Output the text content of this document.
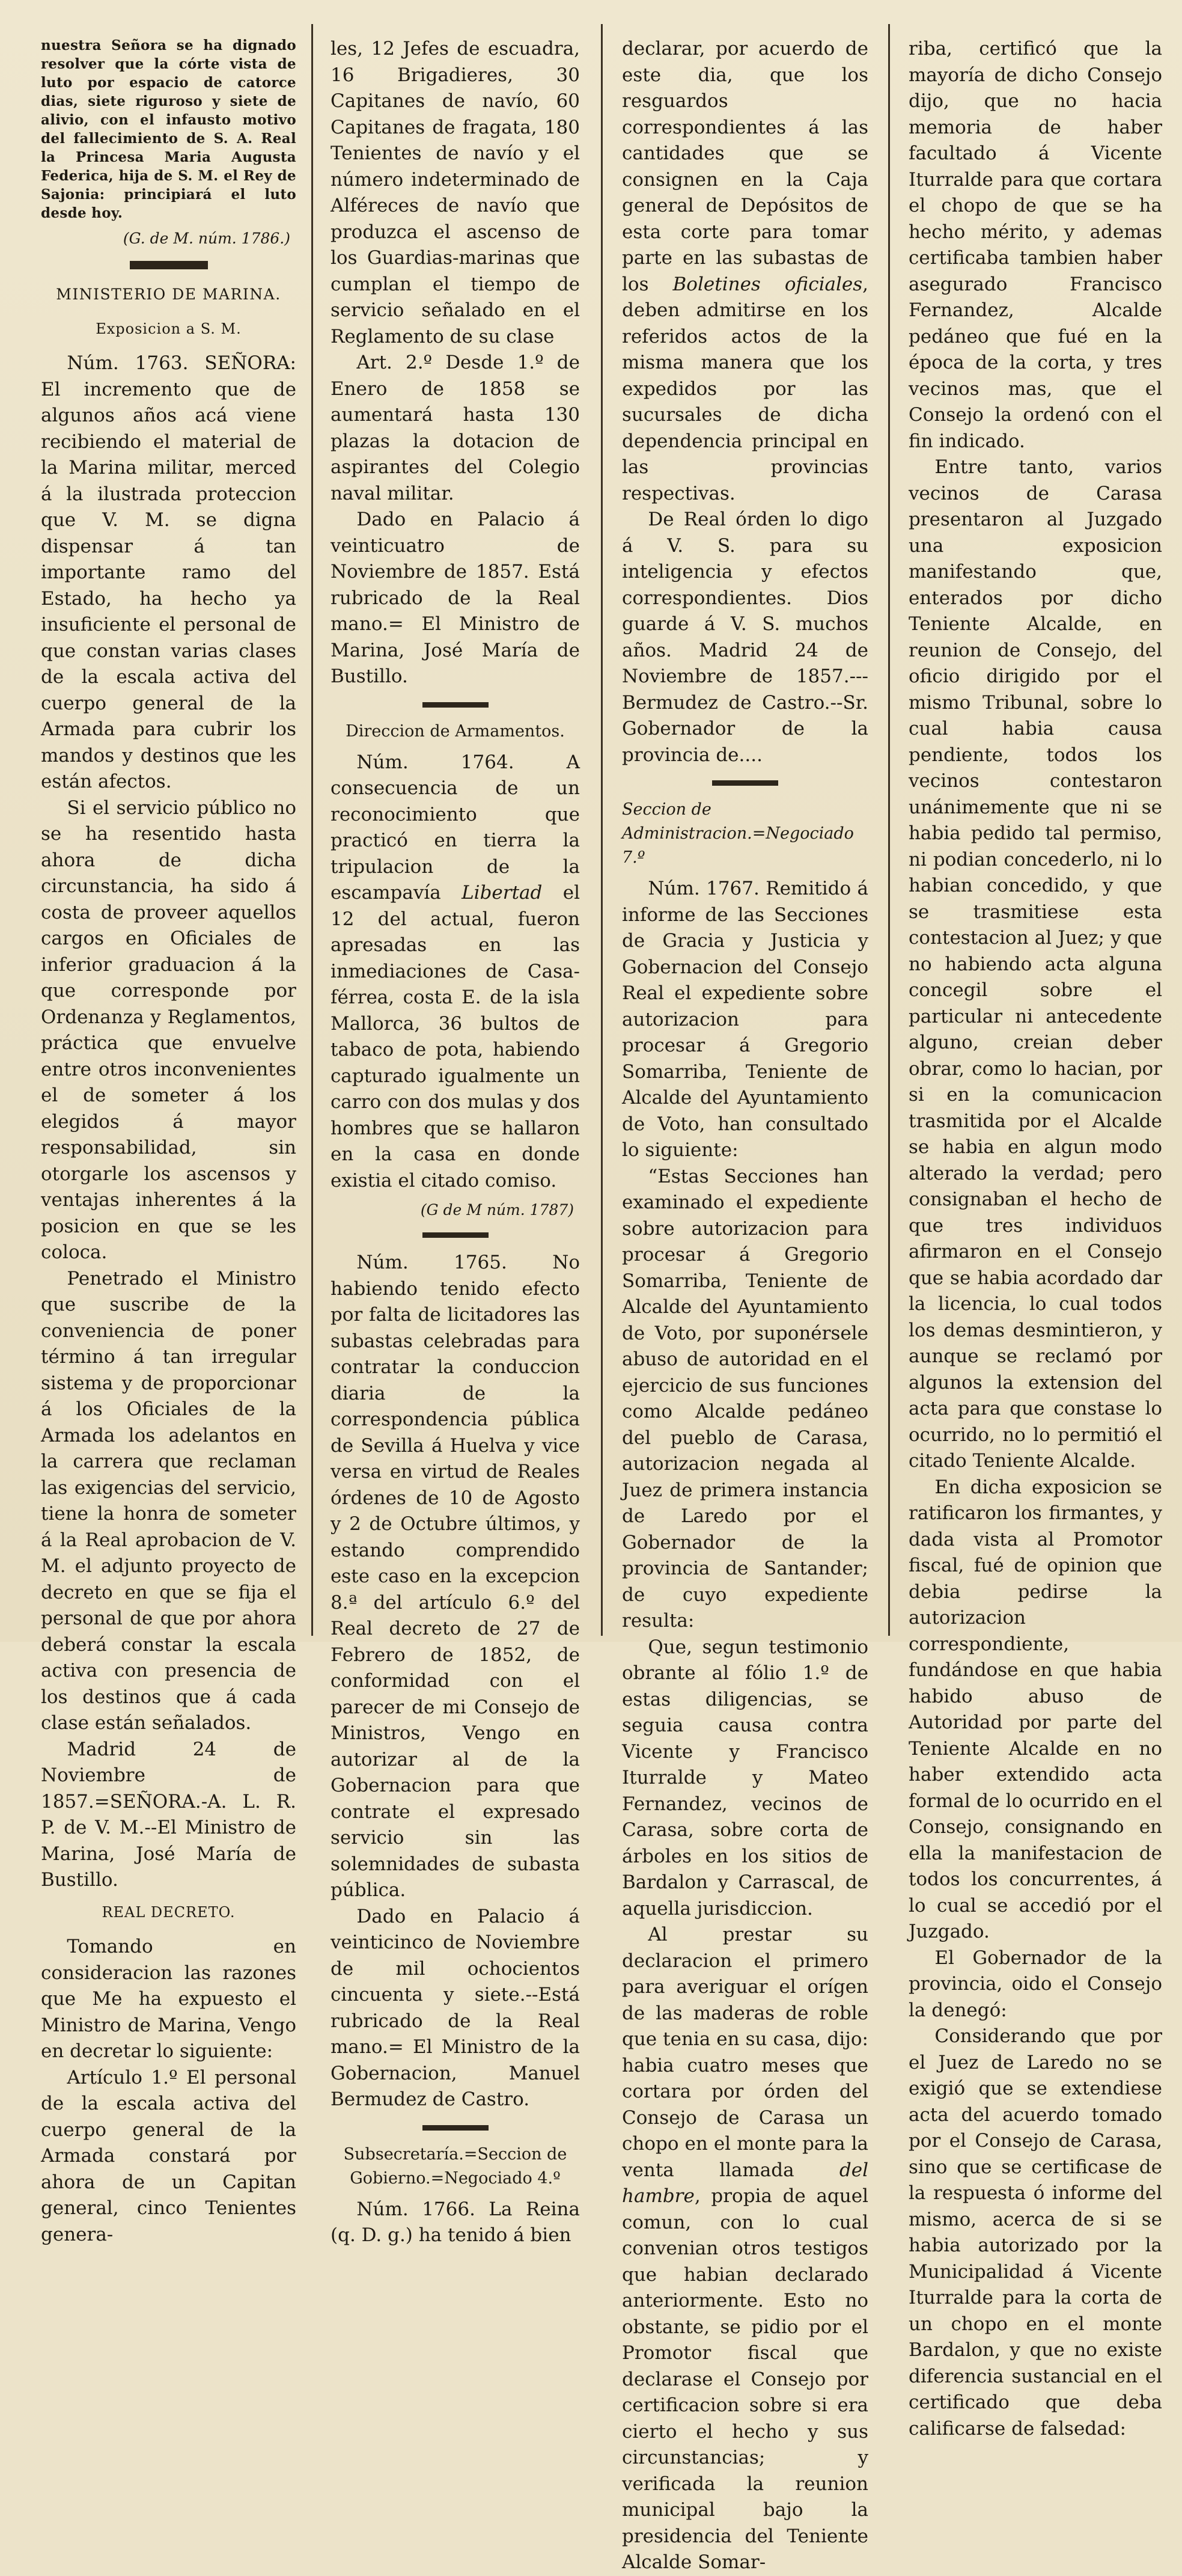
nuestra Señora se ha dignado resolver que la córte vista de luto por espacio de catorce dias, siete riguroso y siete de alivio, con el infausto motivo del fallecimiento de S. A. Real la Princesa Maria Augusta Federica, hija de S. M. el Rey de Sajonia: principiará el luto desde hoy.

(G. de M. núm. 1786.)

MINISTERIO DE MARINA.

Exposicion a S. M.

Núm. 1763. SEÑORA: El incremento que de algunos años acá viene recibiendo el material de la Marina militar, merced á la ilustrada proteccion que V. M. se digna dispensar á tan importante ramo del Estado, ha hecho ya insuficiente el personal de que constan varias clases de la escala activa del cuerpo general de la Armada para cubrir los mandos y destinos que les están afectos.

Si el servicio público no se ha resentido hasta ahora de dicha circunstancia, ha sido á costa de proveer aquellos cargos en Oficiales de inferior graduacion á la que corresponde por Ordenanza y Reglamentos, práctica que envuelve entre otros inconvenientes el de someter á los elegidos á mayor responsabilidad, sin otorgarle los ascensos y ventajas inherentes á la posicion en que se les coloca.

Penetrado el Ministro que suscribe de la conveniencia de poner término á tan irregular sistema y de proporcionar á los Oficiales de la Armada los adelantos en la carrera que reclaman las exigencias del servicio, tiene la honra de someter á la Real aprobacion de V. M. el adjunto proyecto de decreto en que se fija el personal de que por ahora deberá constar la escala activa con presencia de los destinos que á cada clase están señalados.

Madrid 24 de Noviembre de 1857.=SEÑORA.-A. L. R. P. de V. M.--El Ministro de Marina, José María de Bustillo.

REAL DECRETO.

Tomando en consideracion las razones que Me ha expuesto el Ministro de Marina, Vengo en decretar lo siguiente:

Artículo 1.º El personal de la escala activa del cuerpo general de la Armada constará por ahora de un Capitan general, cinco Tenientes genera-

les, 12 Jefes de escuadra, 16 Brigadieres, 30 Capitanes de navío, 60 Capitanes de fragata, 180 Tenientes de navío y el número indeterminado de Alféreces de navío que produzca el ascenso de los Guardias-marinas que cumplan el tiempo de servicio señalado en el Reglamento de su clase

Art. 2.º Desde 1.º de Enero de 1858 se aumentará hasta 130 plazas la dotacion de aspirantes del Colegio naval militar.

Dado en Palacio á veinticuatro de Noviembre de 1857. Está rubricado de la Real mano.= El Ministro de Marina, José María de Bustillo.

Direccion de Armamentos.

Núm. 1764. A consecuencia de un reconocimiento que practicó en tierra la tripulacion de la escampavía Libertad el 12 del actual, fueron apresadas en las inmediaciones de Casa-férrea, costa E. de la isla Mallorca, 36 bultos de tabaco de pota, habiendo capturado igualmente un carro con dos mulas y dos hombres que se hallaron en la casa en donde existia el citado comiso.

(G de M núm. 1787)

Núm. 1765. No habiendo tenido efecto por falta de licitadores las subastas celebradas para contratar la conduccion diaria de la correspondencia pública de Sevilla á Huelva y vice versa en virtud de Reales órdenes de 10 de Agosto y 2 de Octubre últimos, y estando comprendido este caso en la excepcion 8.ª del artículo 6.º del Real decreto de 27 de Febrero de 1852, de conformidad con el parecer de mi Consejo de Ministros, Vengo en autorizar al de la Gobernacion para que contrate el expresado servicio sin las solemnidades de subasta pública.

Dado en Palacio á veinticinco de Noviembre de mil ochocientos cincuenta y siete.--Está rubricado de la Real mano.= El Ministro de la Gobernacion, Manuel Bermudez de Castro.

Subsecretaría.=Seccion de Gobierno.=Negociado 4.º

Núm. 1766. La Reina (q. D. g.) ha tenido á bien

declarar, por acuerdo de este dia, que los resguardos correspondientes á las cantidades que se consignen en la Caja general de Depósitos de esta corte para tomar parte en las subastas de los Boletines oficiales, deben admitirse en los referidos actos de la misma manera que los expedidos por las sucursales de dicha dependencia principal en las provincias respectivas.

De Real órden lo digo á V. S. para su inteligencia y efectos correspondientes. Dios guarde á V. S. muchos años. Madrid 24 de Noviembre de 1857.--- Bermudez de Castro.--Sr. Gobernador de la provincia de....

Seccion de Administracion.=Negociado 7.º

Núm. 1767. Remitido á informe de las Secciones de Gracia y Justicia y Gobernacion del Consejo Real el expediente sobre autorizacion para procesar á Gregorio Somarriba, Teniente de Alcalde del Ayuntamiento de Voto, han consultado lo siguiente:

“Estas Secciones han examinado el expediente sobre autorizacion para procesar á Gregorio Somarriba, Teniente de Alcalde del Ayuntamiento de Voto, por suponérsele abuso de autoridad en el ejercicio de sus funciones como Alcalde pedáneo del pueblo de Carasa, autorizacion negada al Juez de primera instancia de Laredo por el Gobernador de la provincia de Santander; de cuyo expediente resulta:

Que, segun testimonio obrante al fólio 1.º de estas diligencias, se seguia causa contra Vicente y Francisco Iturralde y Mateo Fernandez, vecinos de Carasa, sobre corta de árboles en los sitios de Bardalon y Carrascal, de aquella jurisdiccion.

Al prestar su declaracion el primero para averiguar el orígen de las maderas de roble que tenia en su casa, dijo: habia cuatro meses que cortara por órden del Consejo de Carasa un chopo en el monte para la venta llamada del hambre, propia de aquel comun, con lo cual convenian otros testigos que habian declarado anteriormente. Esto no obstante, se pidio por el Promotor fiscal que declarase el Consejo por certificacion sobre si era cierto el hecho y sus circunstancias; y verificada la reunion municipal bajo la presidencia del Teniente Alcalde Somar-

riba, certificó que la mayoría de dicho Consejo dijo, que no hacia memoria de haber facultado á Vicente Iturralde para que cortara el chopo de que se ha hecho mérito, y ademas certificaba tambien haber asegurado Francisco Fernandez, Alcalde pedáneo que fué en la época de la corta, y tres vecinos mas, que el Consejo la ordenó con el fin indicado.

Entre tanto, varios vecinos de Carasa presentaron al Juzgado una exposicion manifestando que, enterados por dicho Teniente Alcalde, en reunion de Consejo, del oficio dirigido por el mismo Tribunal, sobre lo cual habia causa pendiente, todos los vecinos contestaron unánimemente que ni se habia pedido tal permiso, ni podian concederlo, ni lo habian concedido, y que se trasmitiese esta contestacion al Juez; y que no habiendo acta alguna concegil sobre el particular ni antecedente alguno, creian deber obrar, como lo hacian, por si en la comunicacion trasmitida por el Alcalde se habia en algun modo alterado la verdad; pero consignaban el hecho de que tres individuos afirmaron en el Consejo que se habia acordado dar la licencia, lo cual todos los demas desmintieron, y aunque se reclamó por algunos la extension del acta para que constase lo ocurrido, no lo permitió el citado Teniente Alcalde.

En dicha exposicion se ratificaron los firmantes, y dada vista al Promotor fiscal, fué de opinion que debia pedirse la autorizacion correspondiente, fundándose en que habia habido abuso de Autoridad por parte del Teniente Alcalde en no haber extendido acta formal de lo ocurrido en el Consejo, consignando en ella la manifestacion de todos los concurrentes, á lo cual se accedió por el Juzgado.

El Gobernador de la provincia, oido el Consejo la denegó:

Considerando que por el Juez de Laredo no se exigió que se extendiese acta del acuerdo tomado por el Consejo de Carasa, sino que se certificase de la respuesta ó informe del mismo, acerca de si se habia autorizado por la Municipalidad á Vicente Iturralde para la corta de un chopo en el monte Bardalon, y que no existe diferencia sustancial en el certificado que deba calificarse de falsedad:
